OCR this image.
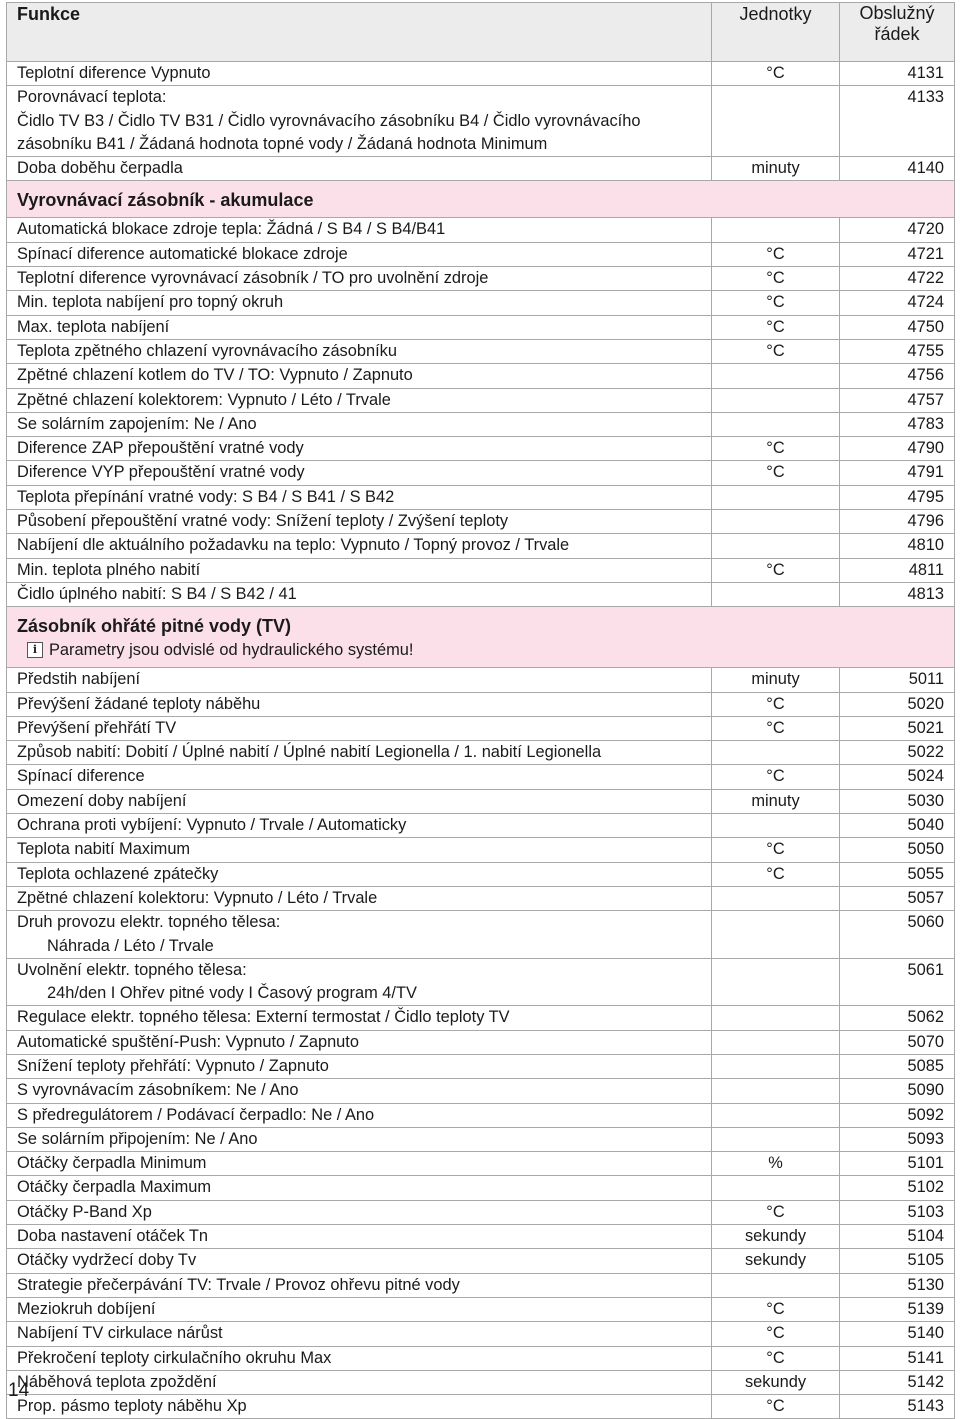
Funkce	Jednotky	Obslužný
řádek
Teplotní diference Vypnuto	°C	4131

Porovnávací teplota:
Čidlo TV B3 / Čidlo TV B31 / Čidlo vyrovnávacího zásobníku B4 / Čidlo vyrovnávacího
zásobníku B41 / Žádaná hodnota topné vody / Žádaná hodnota Minimum		4133
Doba doběhu čerpadla	minuty	4140
Vyrovnávací zásobník - akumulace		
Automatická blokace zdroje tepla: Žádná / S B4 / S B4/B41		4720
Spínací diference automatické blokace zdroje	°C	4721
Teplotní diference vyrovnávací zásobník / TO pro uvolnění zdroje	°C	4722
Min. teplota nabíjení pro topný okruh	°C	4724
Max. teplota nabíjení	°C	4750
Teplota zpětného chlazení vyrovnávacího zásobníku	°C	4755
Zpětné chlazení kotlem do TV / TO: Vypnuto / Zapnuto		4756
Zpětné chlazení kolektorem: Vypnuto / Léto / Trvale		4757
Se solárním zapojením: Ne / Ano		4783
Diference ZAP přepouštění vratné vody	°C	4790
Diference VYP přepouštění vratné vody	°C	4791
Teplota přepínání vratné vody: S B4 / S B41 / S B42		4795
Působení přepouštění vratné vody: Snížení teploty / Zvýšení teploty		4796
Nabíjení dle aktuálního požadavku na teplo: Vypnuto / Topný provoz / Trvale		4810
Min. teplota plného nabití	°C	4811
Čidlo úplného nabití: S B4 / S B42 / 41		4813

Zásobník ohřáté pitné vody (TV)
i Parametry jsou odvislé od hydraulického systému!		

Předstih nabíjení	minuty	5011
Převýšení žádané teploty náběhu	°C	5020
Převýšení přehřátí TV	°C	5021
Způsob nabití: Dobití / Úplné nabití / Úplné nabití Legionella / 1. nabití Legionella		5022
Spínací diference	°C	5024
Omezení doby nabíjení	minuty	5030
Ochrana proti vybíjení: Vypnuto / Trvale / Automaticky		5040
Teplota nabití Maximum	°C	5050
Teplota ochlazené zpátečky	°C	5055
Zpětné chlazení kolektoru: Vypnuto / Léto / Trvale		5057

Druh provozu elektr. topného tělesa:
Náhrada / Léto / Trvale		5060

Uvolnění elektr. topného tělesa:
24h/den I Ohřev pitné vody I Časový program 4/TV		5061
Regulace elektr. topného tělesa: Externí termostat / Čidlo teploty TV		5062
Automatické spuštění-Push: Vypnuto / Zapnuto		5070
Snížení teploty přehřátí: Vypnuto / Zapnuto		5085
S vyrovnávacím zásobníkem: Ne / Ano		5090
S předregulátorem / Podávací čerpadlo: Ne / Ano		5092
Se solárním připojením: Ne / Ano		5093
Otáčky čerpadla Minimum	%	5101
Otáčky čerpadla Maximum		5102
Otáčky P-Band Xp	°C	5103
Doba nastavení otáček Tn	sekundy	5104
Otáčky vydržecí doby Tv	sekundy	5105
Strategie přečerpávání TV: Trvale / Provoz ohřevu pitné vody		5130
Meziokruh dobíjení	°C	5139
Nabíjení TV cirkulace nárůst	°C	5140
Překročení teploty cirkulačního okruhu Max	°C	5141
Náběhová teplota zpoždění	sekundy	5142
Prop. pásmo teploty náběhu Xp	°C	5143
14
